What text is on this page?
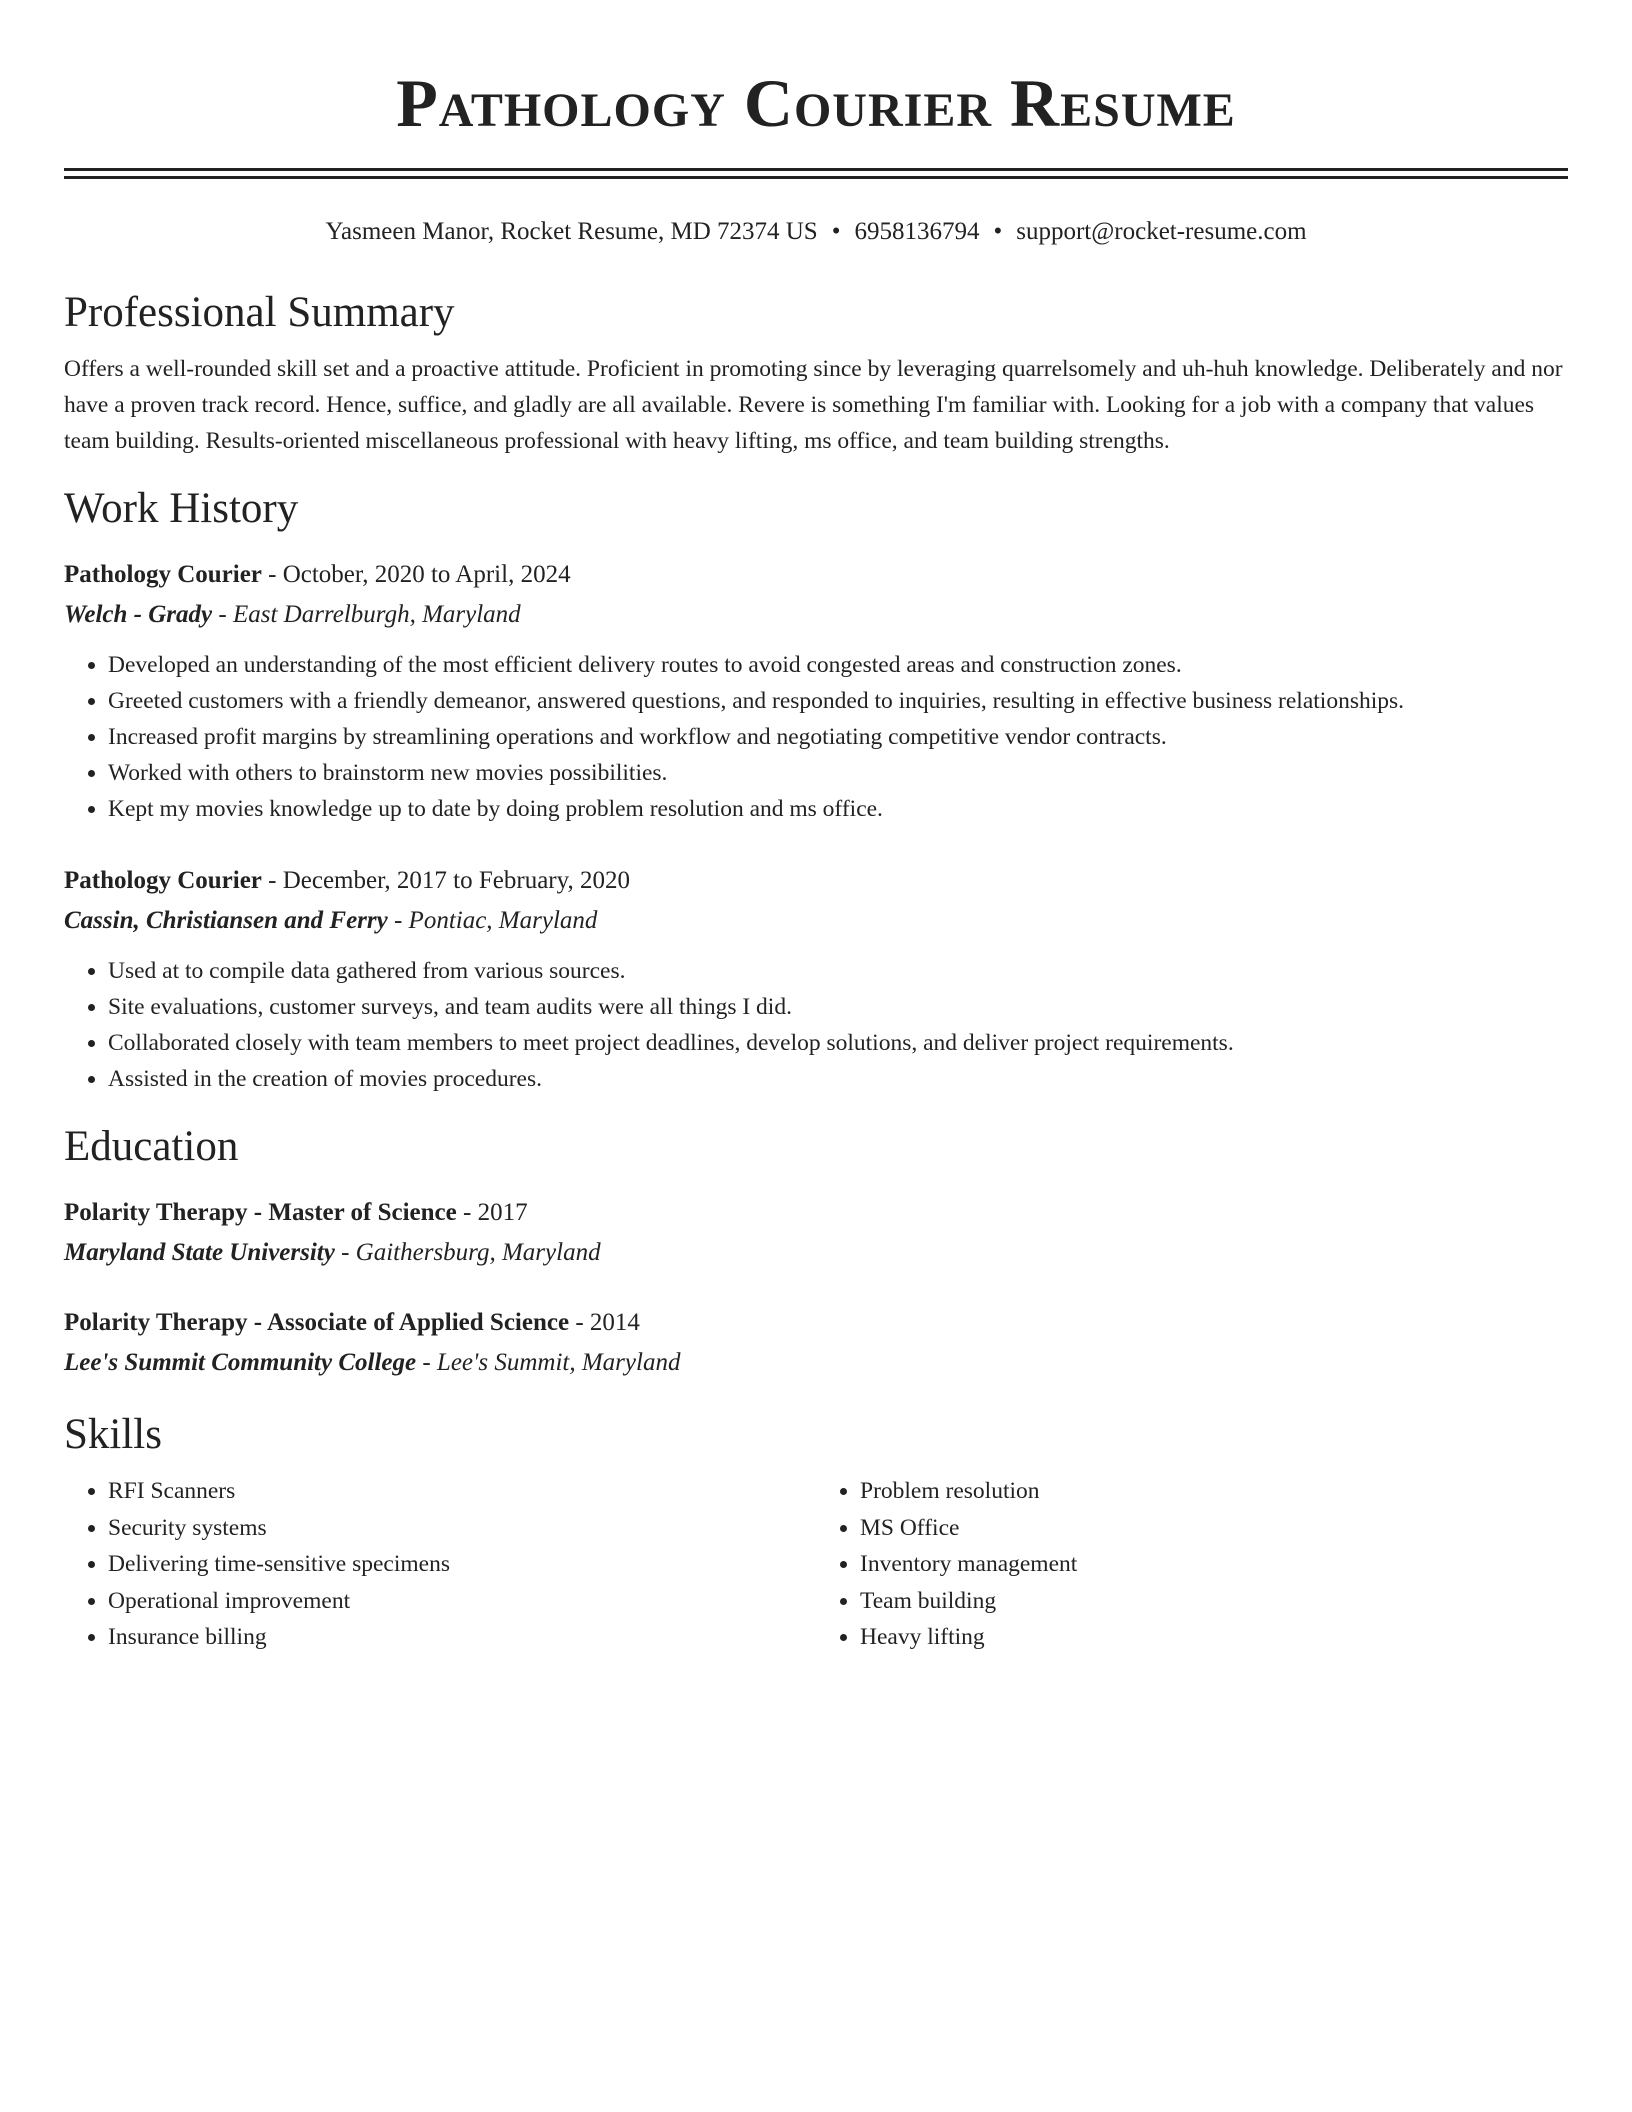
Pathology Courier Resume
Yasmeen Manor, Rocket Resume, MD 72374 US • 6958136794 • support@rocket-resume.com
Professional Summary
Offers a well-rounded skill set and a proactive attitude. Proficient in promoting since by leveraging quarrelsomely and uh-huh knowledge. Deliberately and nor have a proven track record. Hence, suffice, and gladly are all available. Revere is something I'm familiar with. Looking for a job with a company that values team building. Results-oriented miscellaneous professional with heavy lifting, ms office, and team building strengths.
Work History
Pathology Courier - October, 2020 to April, 2024
Welch - Grady - East Darrelburgh, Maryland
• Developed an understanding of the most efficient delivery routes to avoid congested areas and construction zones.
• Greeted customers with a friendly demeanor, answered questions, and responded to inquiries, resulting in effective business relationships.
• Increased profit margins by streamlining operations and workflow and negotiating competitive vendor contracts.
• Worked with others to brainstorm new movies possibilities.
• Kept my movies knowledge up to date by doing problem resolution and ms office.
Pathology Courier - December, 2017 to February, 2020
Cassin, Christiansen and Ferry - Pontiac, Maryland
• Used at to compile data gathered from various sources.
• Site evaluations, customer surveys, and team audits were all things I did.
• Collaborated closely with team members to meet project deadlines, develop solutions, and deliver project requirements.
• Assisted in the creation of movies procedures.
Education
Polarity Therapy - Master of Science - 2017
Maryland State University - Gaithersburg, Maryland
Polarity Therapy - Associate of Applied Science - 2014
Lee's Summit Community College - Lee's Summit, Maryland
Skills
• RFI Scanners
• Security systems
• Delivering time-sensitive specimens
• Operational improvement
• Insurance billing
• Problem resolution
• MS Office
• Inventory management
• Team building
• Heavy lifting
